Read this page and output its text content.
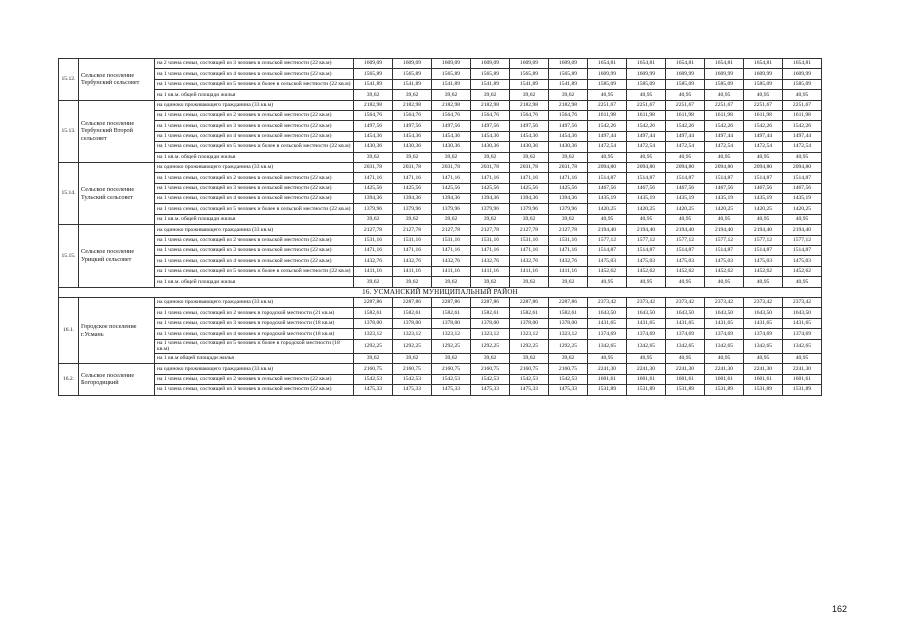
15.12.	Сельское поселение Тербунский сельсовет	на 2 члена семьи, состоящей из 3 человек в сельской местности (22 кв.м)	1609,09	1609,09	1609,09	1609,09	1609,09	1609,09	1654,81	1654,81	1654,81	1654,81	1654,81	1654,81
		на 1 члена семьи, состоящей из 4 человек в сельской местности (22 кв.м)	1565,89	1565,89	1565,89	1565,89	1565,89	1565,89	1609,99	1609,99	1609,99	1609,99	1609,99	1609,99
		на 1 члена семьи, состоящей из 5 человек и более в сельской местности (22 кв.м)	1541,89	1541,89	1541,89	1541,89	1541,89	1541,89	1585,09	1585,09	1585,09	1585,09	1585,09	1585,09
		на 1 кв.м. общей площади жилья	39,62	39,62	39,62	39,62	39,62	39,62	40,95	40,95	40,95	40,95	40,95	40,95
15.13.	Сельское поселение Тербунский Второй сельсовет	на одиноко проживающего гражданина (33 кв.м)	2182,98	2182,98	2182,98	2182,98	2182,98	2182,98	2251,67	2251,67	2251,67	2251,67	2251,67	2251,67
		на 1 члена семьи, состоящей из 2 человек в сельской местности (22 кв.м)	1564,76	1564,76	1564,76	1564,76	1564,76	1564,76	1611,98	1611,98	1611,98	1611,98	1611,98	1611,98
		на 1 члена семьи, состоящей из 3 человек в сельской местности (22 кв.м)	1497,56	1497,56	1497,56	1497,56	1497,56	1497,56	1542,26	1542,26	1542,26	1542,26	1542,26	1542,26
		на 1 члена семьи, состоящей из 4 человек в сельской местности (22 кв.м)	1454,36	1454,36	1454,36	1454,36	1454,36	1454,36	1497,44	1497,44	1497,44	1497,44	1497,44	1497,44
		на 1 члена семьи, состоящей из 5 человек и более в сельской местности (22 кв.м)	1430,36	1430,36	1430,36	1430,36	1430,36	1430,36	1472,54	1472,54	1472,54	1472,54	1472,54	1472,54
		на 1 кв.м. общей площади жилья	39,62	39,62	39,62	39,62	39,62	39,62	40,95	40,95	40,95	40,95	40,95	40,95
15.14.	Сельское поселение Тульский сельсовет	на одиноко проживающего гражданина (33 кв.м)	2031,78	2031,78	2031,78	2031,78	2031,78	2031,78	2094,80	2094,80	2094,80	2094,80	2094,80	2094,80
		на 1 члена семьи, состоящей из 2 человек в сельской местности (22 кв.м)	1471,16	1471,16	1471,16	1471,16	1471,16	1471,16	1514,87	1514,87	1514,87	1514,87	1514,87	1514,87
		на 1 члена семьи, состоящей из 3 человек в сельской местности (22 кв.м)	1425,56	1425,56	1425,56	1425,56	1425,56	1425,56	1467,56	1467,56	1467,56	1467,56	1467,56	1467,56
		на 1 члена семьи, состоящей из 4 человек в сельской местности (22 кв.м)	1394,36	1394,36	1394,36	1394,36	1394,36	1394,36	1435,19	1435,19	1435,19	1435,19	1435,19	1435,19
		на 1 члена семьи, состоящей из 5 человек и более в сельской местности (22 кв.м)	1379,96	1379,96	1379,96	1379,96	1379,96	1379,96	1420,25	1420,25	1420,25	1420,25	1420,25	1420,25
		на 1 кв.м. общей площади жилья	39,62	39,62	39,62	39,62	39,62	39,62	40,95	40,95	40,95	40,95	40,95	40,95
15.15.	Сельское поселение Урицкий сельсовет	на одиноко проживающего гражданина (33 кв.м)	2127,78	2127,78	2127,78	2127,78	2127,78	2127,78	2194,40	2194,40	2194,40	2194,40	2194,40	2194,40
		на 1 члена семьи, состоящей из 2 человек в сельской местности (22 кв.м)	1531,16	1531,16	1531,16	1531,16	1531,16	1531,16	1577,12	1577,12	1577,12	1577,12	1577,12	1577,12
		на 1 члена семьи, состоящей из 3 человек в сельской местности (22 кв.м)	1471,16	1471,16	1471,16	1471,16	1471,16	1471,16	1514,87	1514,87	1514,87	1514,87	1514,87	1514,87
		на 1 члена семьи, состоящей из 4 человек в сельской местности (22 кв.м)	1432,76	1432,76	1432,76	1432,76	1432,76	1432,76	1475,03	1475,03	1475,03	1475,03	1475,03	1475,03
		на 1 члена семьи, состоящей из 5 человек и более в сельской местности (22 кв.м)	1411,16	1411,16	1411,16	1411,16	1411,16	1411,16	1452,62	1452,62	1452,62	1452,62	1452,62	1452,62
		на 1 кв.м. общей площади жилья	39,62	39,62	39,62	39,62	39,62	39,62	40,95	40,95	40,95	40,95	40,95	40,95
16. УСМАНСКИЙ МУНИЦИПАЛЬНЫЙ РАЙОН														
16.1.	Городское поселение г.Усмань	на одиноко проживающего гражданина (33 кв.м)	2287,86	2287,86	2287,86	2287,86	2287,86	2287,86	2373,42	2373,42	2373,42	2373,42	2373,42	2373,42
		на 1 члена семьи, состоящей из 2 человек в городской местности (21 кв.м)	1582,61	1582,61	1582,61	1582,61	1582,61	1582,61	1643,50	1643,50	1643,50	1643,50	1643,50	1643,50
		на 1 члена семьи, состоящей из 3 человек в городской местности (18 кв.м)	1378,00	1378,00	1378,00	1378,00	1378,00	1378,00	1431,65	1431,65	1431,65	1431,65	1431,65	1431,65
		на 1 члена семьи, состоящей из 4 человек в городской местности (18 кв.м)	1323,12	1323,12	1323,12	1323,12	1323,12	1323,12	1374,69	1374,69	1374,69	1374,69	1374,69	1374,69
		на 1 члена семьи, состоящей из 5 человек и более в городской местности (18 кв.м)	1292,25	1292,25	1292,25	1292,25	1292,25	1292,25	1342,65	1342,65	1342,65	1342,65	1342,65	1342,65
		на 1 кв.м общей площади жилья	39,62	39,62	39,62	39,62	39,62	39,62	40,95	40,95	40,95	40,95	40,95	40,95
16.2.	Сельское поселение Богородицкий	на одиноко проживающего гражданина (33 кв.м)	2160,75	2160,75	2160,75	2160,75	2160,75	2160,75	2241,30	2241,30	2241,30	2241,30	2241,30	2241,30
		на 1 члена семьи, состоящей из 2 человек в сельской местности (22 кв.м)	1542,53	1542,53	1542,53	1542,53	1542,53	1542,53	1601,61	1601,61	1601,61	1601,61	1601,61	1601,61
		на 1 члена семьи, состоящей из 3 человек в сельской местности (22 кв.м)	1475,33	1475,33	1475,33	1475,33	1475,33	1475,33	1531,89	1531,89	1531,89	1531,89	1531,89	1531,89
162
